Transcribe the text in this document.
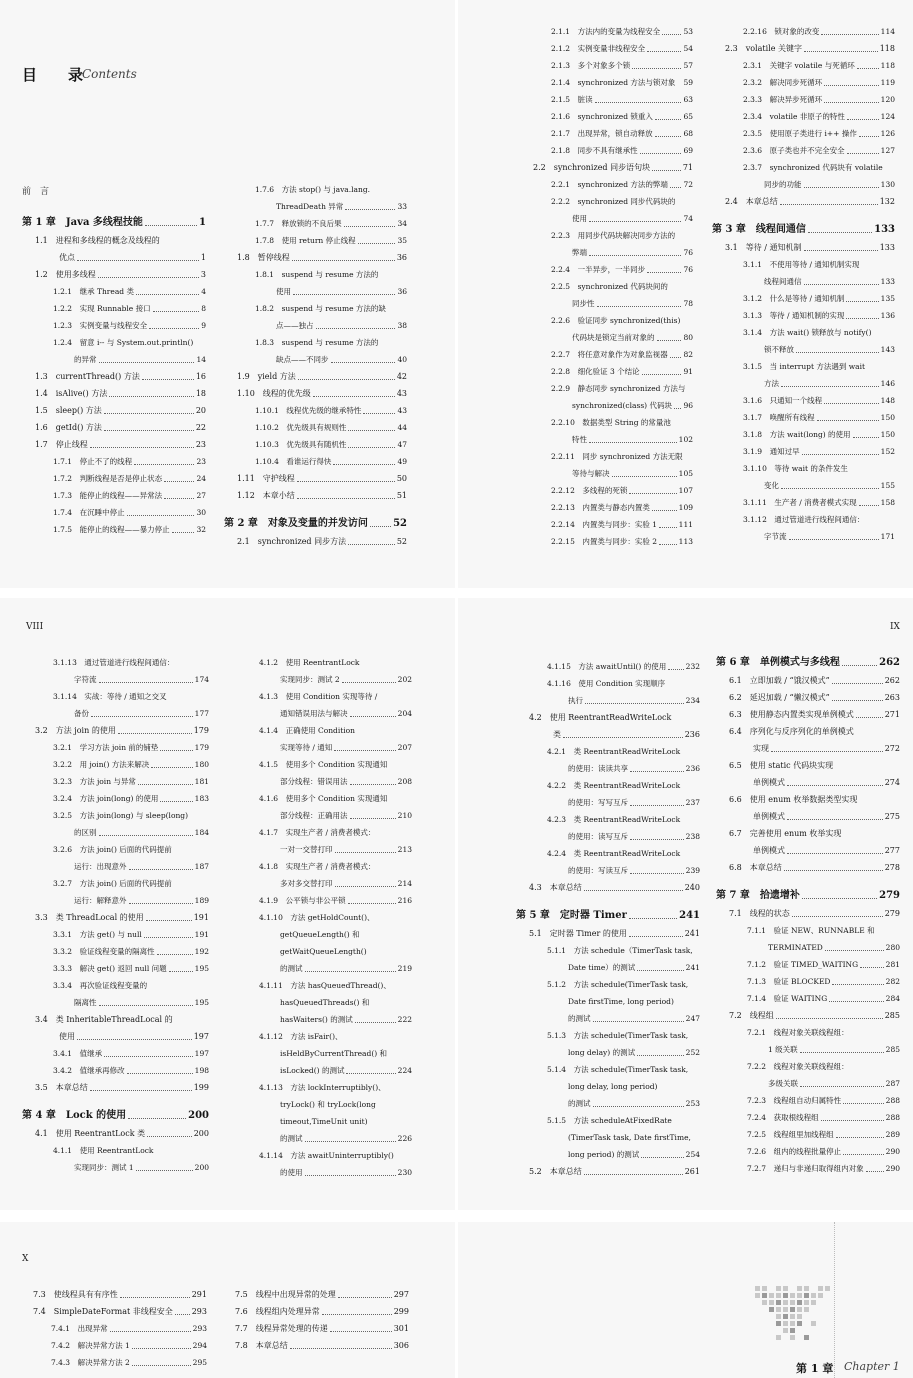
目　录
Contents
前　言
第 1 章　Java 多线程技能	1
1.1　进程和多线程的概念及线程的
　　　优点	1
1.2　使用多线程	3
1.2.1　继承 Thread 类	4
1.2.2　实现 Runnable 接口	8
1.2.3　实例变量与线程安全	9
1.2.4　留意 i-- 与 System.out.println()
的异常	14
1.3　currentThread() 方法	16
1.4　isAlive() 方法	18
1.5　sleep() 方法	20
1.6　getId() 方法	22
1.7　停止线程	23
1.7.1　停止不了的线程	23
1.7.2　判断线程是否是停止状态	24
1.7.3　能停止的线程——异常法	27
1.7.4　在沉睡中停止	30
1.7.5　能停止的线程——暴力停止	32
1.7.6　方法 stop() 与 java.lang.
ThreadDeath 异常	33
1.7.7　释放锁的不良后果	34
1.7.8　使用 return 停止线程	35
1.8　暂停线程	36
1.8.1　suspend 与 resume 方法的
使用	36
1.8.2　suspend 与 resume 方法的缺
点——独占	38
1.8.3　suspend 与 resume 方法的
缺点——不同步	40
1.9　yield 方法	42
1.10　线程的优先级	43
1.10.1　线程优先级的继承特性	43
1.10.2　优先级具有规则性	44
1.10.3　优先级具有随机性	47
1.10.4　看谁运行得快	49
1.11　守护线程	50
1.12　本章小结	51
第 2 章　对象及变量的并发访问	52
2.1　synchronized 同步方法	52
2.1.1　方法内的变量为线程安全	53
2.1.2　实例变量非线程安全	54
2.1.3　多个对象多个锁	57
2.1.4　synchronized 方法与锁对象 59
2.1.5　脏读	63
2.1.6　synchronized 锁重入	65
2.1.7　出现异常，锁自动释放	68
2.1.8　同步不具有继承性	69
2.2　synchronized 同步语句块	71
2.2.1　synchronized 方法的弊端 72
2.2.2　synchronized 同步代码块的
使用	74
2.2.3　用同步代码块解决同步方法的
弊端	76
2.2.4　一半异步，一半同步	76
2.2.5　synchronized 代码块间的
同步性	78
2.2.6　验证同步 synchronized(this)
代码块是锁定当前对象的	80
2.2.7　将任意对象作为对象监视器 82
2.2.8　细化验证 3 个结论	91
2.2.9　静态同步 synchronized 方法与
synchronized(class) 代码块 96
2.2.10　数据类型 String 的常量池
特性	102
2.2.11　同步 synchronized 方法无限
等待与解决	105
2.2.12　多线程的死锁	107
2.2.13　内置类与静态内置类	109
2.2.14　内置类与同步：实验 1	111
2.2.15　内置类与同步：实验 2	113
2.2.16　锁对象的改变	114
2.3　volatile 关键字	118
2.3.1　关键字 volatile 与死循环	118
2.3.2　解决同步死循环	119
2.3.3　解决异步死循环	120
2.3.4　volatile 非原子的特性	124
2.3.5　使用原子类进行 i++ 操作	126
2.3.6　原子类也并不完全安全	127
2.3.7　synchronized 代码块有 volatile
同步的功能	130
2.4　本章总结	132
第 3 章　线程间通信	133
3.1　等待 / 通知机制	133
3.1.1　不使用等待 / 通知机制实现
线程间通信	133
3.1.2　什么是等待 / 通知机制	135
3.1.3　等待 / 通知机制的实现	136
3.1.4　方法 wait() 锁释放与 notify()
锁不释放	143
3.1.5　当 interrupt 方法遇到 wait
方法	146
3.1.6　只通知一个线程	148
3.1.7　唤醒所有线程	150
3.1.8　方法 wait(long) 的使用	150
3.1.9　通知过早	152
3.1.10　等待 wait 的条件发生
变化	155
3.1.11　生产者 / 消费者模式实现	158
3.1.12　通过管道进行线程间通信：
字节流	171
VIII
3.1.13　通过管道进行线程间通信：
字符流	174
3.1.14　实战：等待 / 通知之交叉
备份	177
3.2　方法 join 的使用	179
3.2.1　学习方法 join 前的铺垫	179
3.2.2　用 join() 方法来解决	180
3.2.3　方法 join 与异常	181
3.2.4　方法 join(long) 的使用	183
3.2.5　方法 join(long) 与 sleep(long)
的区别	184
3.2.6　方法 join() 后面的代码提前
运行：出现意外	187
3.2.7　方法 join() 后面的代码提前
运行：解释意外	189
3.3　类 ThreadLocal 的使用	191
3.3.1　方法 get() 与 null	191
3.3.2　验证线程变量的隔离性	192
3.3.3　解决 get() 返回 null 问题	195
3.3.4　再次验证线程变量的
隔离性	195
3.4　类 InheritableThreadLocal 的
　　　使用	197
3.4.1　值继承	197
3.4.2　值继承再修改	198
3.5　本章总结	199
第 4 章　Lock 的使用	200
4.1　使用 ReentrantLock 类	200
4.1.1　使用 ReentrantLock
实现同步：测试 1	200
4.1.2　使用 ReentrantLock
实现同步：测试 2	202
4.1.3　使用 Condition 实现等待 /
通知错误用法与解决	204
4.1.4　正确使用 Condition
实现等待 / 通知	207
4.1.5　使用多个 Condition 实现通知
部分线程：错误用法	208
4.1.6　使用多个 Condition 实现通知
部分线程：正确用法	210
4.1.7　实现生产者 / 消费者模式：
一对一交替打印	213
4.1.8　实现生产者 / 消费者模式：
多对多交替打印	214
4.1.9　公平锁与非公平锁	216
4.1.10　方法 getHoldCount()、
getQueueLength() 和
getWaitQueueLength()
的测试	219
4.1.11　方法 hasQueuedThread()、
hasQueuedThreads() 和
hasWaiters() 的测试	222
4.1.12　方法 isFair()、
isHeldByCurrentThread() 和
isLocked() 的测试	224
4.1.13　方法 lockInterruptibly()、
tryLock() 和 tryLock(long
timeout,TimeUnit unit)
的测试	226
4.1.14　方法 awaitUninterruptibly()
的使用	230
IX
4.1.15　方法 awaitUntil() 的使用	232
4.1.16　使用 Condition 实现顺序
执行	234
4.2　使用 ReentrantReadWriteLock
　　　类	236
4.2.1　类 ReentrantReadWriteLock
的使用：读读共享	236
4.2.2　类 ReentrantReadWriteLock
的使用：写写互斥	237
4.2.3　类 ReentrantReadWriteLock
的使用：读写互斥	238
4.2.4　类 ReentrantReadWriteLock
的使用：写读互斥	239
4.3　本章总结	240
第 5 章　定时器 Timer	241
5.1　定时器 Timer 的使用	241
5.1.1　方法 schedule（TimerTask task,
Date time）的测试	241
5.1.2　方法 schedule(TimerTask task,
Date firstTime, long period)
的测试	247
5.1.3　方法 schedule(TimerTask task,
long delay) 的测试	252
5.1.4　方法 schedule(TimerTask task,
long delay, long period)
的测试	253
5.1.5　方法 scheduleAtFixedRate
(TimerTask task, Date firstTime,
long period) 的测试	254
5.2　本章总结	261
第 6 章　单例模式与多线程	262
6.1　立即加载 / “饿汉模式”	262
6.2　延迟加载 / “懒汉模式”	263
6.3　使用静态内置类实现单例模式	271
6.4　序列化与反序列化的单例模式
　　　实现	272
6.5　使用 static 代码块实现
　　　单例模式	274
6.6　使用 enum 枚举数据类型实现
　　　单例模式	275
6.7　完善使用 enum 枚举实现
　　　单例模式	277
6.8　本章总结	278
第 7 章　拾遗增补	279
7.1　线程的状态	279
7.1.1　验证 NEW、RUNNABLE 和
TERMINATED	280
7.1.2　验证 TIMED_WAITING	281
7.1.3　验证 BLOCKED	282
7.1.4　验证 WAITING	284
7.2　线程组	285
7.2.1　线程对象关联线程组：
1 级关联	285
7.2.2　线程对象关联线程组：
多级关联	287
7.2.3　线程组自动归属特性	288
7.2.4　获取根线程组	288
7.2.5　线程组里加线程组	289
7.2.6　组内的线程批量停止	290
7.2.7　递归与非递归取得组内对象	290
X
7.3　使线程具有有序性	291
7.4　SimpleDateFormat 非线程安全 293
7.4.1　出现异常	293
7.4.2　解决异常方法 1	294
7.4.3　解决异常方法 2	295
7.5　线程中出现异常的处理	297
7.6　线程组内处理异常	299
7.7　线程异常处理的传递	301
7.8　本章总结	306
第 1 章 Chapter 1
